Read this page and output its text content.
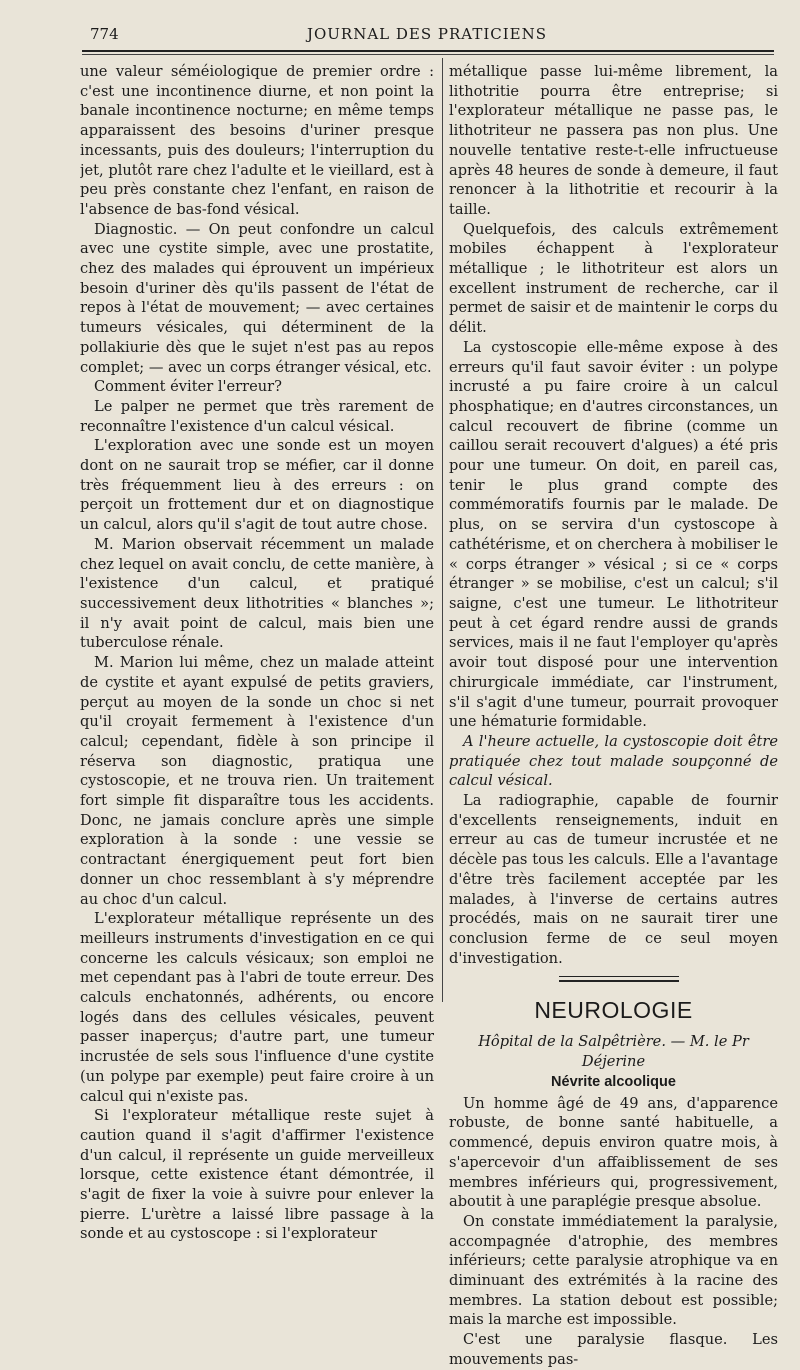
774	JOURNAL DES PRATICIENS

une valeur séméiologique de premier ordre : c'est une incontinence diurne, et non point la banale incontinence nocturne; en même temps apparaissent des besoins d'uriner presque incessants, puis des douleurs; l'interruption du jet, plutôt rare chez l'adulte et le vieillard, est à peu près constante chez l'enfant, en raison de l'absence de bas-fond vésical.

Diagnostic. — On peut confondre un calcul avec une cystite simple, avec une prostatite, chez des malades qui éprouvent un impérieux besoin d'uriner dès qu'ils passent de l'état de repos à l'état de mouvement; — avec certaines tumeurs vésicales, qui déterminent de la pollakiurie dès que le sujet n'est pas au repos complet; — avec un corps étranger vésical, etc.

Comment éviter l'erreur?

Le palper ne permet que très rarement de reconnaître l'existence d'un calcul vésical.

L'exploration avec une sonde est un moyen dont on ne saurait trop se méfier, car il donne très fréquemment lieu à des erreurs : on perçoit un frottement dur et on diagnostique un calcul, alors qu'il s'agit de tout autre chose.

M. Marion observait récemment un malade chez lequel on avait conclu, de cette manière, à l'existence d'un calcul, et pratiqué successivement deux lithotrities « blanches »; il n'y avait point de calcul, mais bien une tuberculose rénale.

M. Marion lui même, chez un malade atteint de cystite et ayant expulsé de petits graviers, perçut au moyen de la sonde un choc si net qu'il croyait fermement à l'existence d'un calcul; cependant, fidèle à son principe il réserva son diagnostic, pratiqua une cystoscopie, et ne trouva rien. Un traitement fort simple fit disparaître tous les accidents. Donc, ne jamais conclure après une simple exploration à la sonde : une vessie se contractant énergiquement peut fort bien donner un choc ressemblant à s'y méprendre au choc d'un calcul.

L'explorateur métallique représente un des meilleurs instruments d'investigation en ce qui concerne les calculs vésicaux; son emploi ne met cependant pas à l'abri de toute erreur. Des calculs enchatonnés, adhérents, ou encore logés dans des cellules vésicales, peuvent passer inaperçus; d'autre part, une tumeur incrustée de sels sous l'influence d'une cystite (un polype par exemple) peut faire croire à un calcul qui n'existe pas.

Si l'explorateur métallique reste sujet à caution quand il s'agit d'affirmer l'existence d'un calcul, il représente un guide merveilleux lorsque, cette existence étant démontrée, il s'agit de fixer la voie à suivre pour enlever la pierre. L'urètre a laissé libre passage à la sonde et au cystoscope : si l'explorateur

métallique passe lui-même librement, la lithotritie pourra être entreprise; si l'explorateur métallique ne passe pas, le lithotriteur ne passera pas non plus. Une nouvelle tentative reste-t-elle infructueuse après 48 heures de sonde à demeure, il faut renoncer à la lithotritie et recourir à la taille.

Quelquefois, des calculs extrêmement mobiles échappent à l'explorateur métallique ; le lithotriteur est alors un excellent instrument de recherche, car il permet de saisir et de maintenir le corps du délit.

La cystoscopie elle-même expose à des erreurs qu'il faut savoir éviter : un polype incrusté a pu faire croire à un calcul phosphatique; en d'autres circonstances, un calcul recouvert de fibrine (comme un caillou serait recouvert d'algues) a été pris pour une tumeur. On doit, en pareil cas, tenir le plus grand compte des commémoratifs fournis par le malade. De plus, on se servira d'un cystoscope à cathétérisme, et on cherchera à mobiliser le « corps étranger » vésical ; si ce « corps étranger » se mobilise, c'est un calcul; s'il saigne, c'est une tumeur. Le lithotriteur peut à cet égard rendre aussi de grands services, mais il ne faut l'employer qu'après avoir tout disposé pour une intervention chirurgicale immédiate, car l'instrument, s'il s'agit d'une tumeur, pourrait provoquer une hématurie formidable.

A l'heure actuelle, la cystoscopie doit être pratiquée chez tout malade soupçonné de calcul vésical.

La radiographie, capable de fournir d'excellents renseignements, induit en erreur au cas de tumeur incrustée et ne décèle pas tous les calculs. Elle a l'avantage d'être très facilement acceptée par les malades, à l'inverse de certains autres procédés, mais on ne saurait tirer une conclusion ferme de ce seul moyen d'investigation.

NEUROLOGIE

Hôpital de la Salpêtrière. — M. le Pr Déjerine

Névrite alcoolique

Un homme âgé de 49 ans, d'apparence robuste, de bonne santé habituelle, a commencé, depuis environ quatre mois, à s'apercevoir d'un affaiblissement de ses membres inférieurs qui, progressivement, aboutit à une paraplégie presque absolue.

On constate immédiatement la paralysie, accompagnée d'atrophie, des membres inférieurs; cette paralysie atrophique va en diminuant des extrémités à la racine des membres. La station debout est possible; mais la marche est impossible.

C'est une paralysie flasque. Les mouvements pas-
